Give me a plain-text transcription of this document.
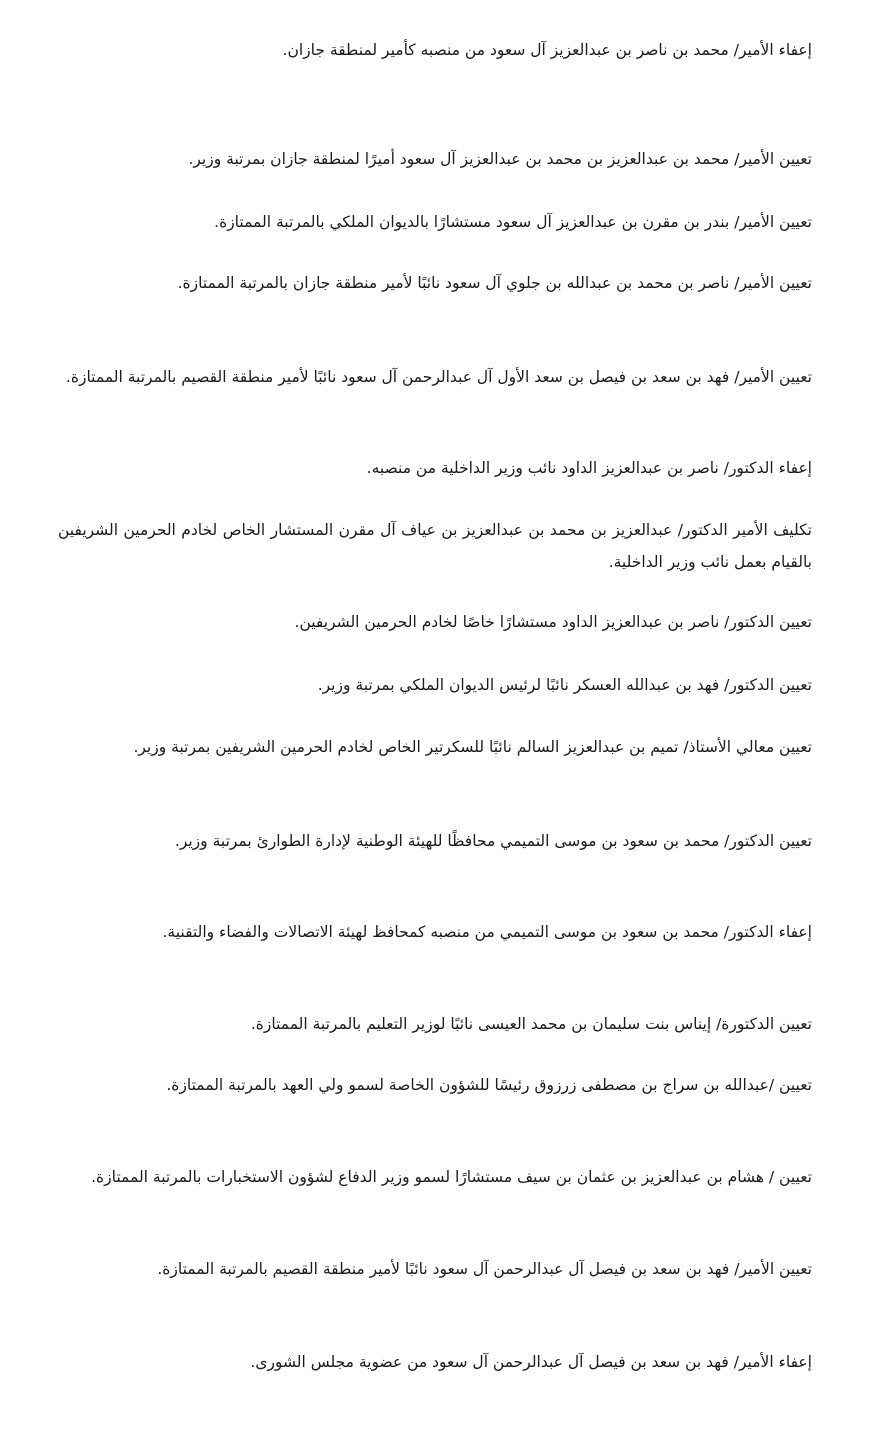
إعفاء الأمير/ محمد بن ناصر بن عبدالعزيز آل سعود من منصبه كأمير لمنطقة جازان.

تعيين الأمير/ محمد بن عبدالعزيز بن محمد بن عبدالعزيز آل سعود أميرًا لمنطقة جازان بمرتبة وزير.

تعيين الأمير/ بندر بن مقرن بن عبدالعزيز آل سعود مستشارًا بالديوان الملكي بالمرتبة الممتازة.

تعيين الأمير/ ناصر بن محمد بن عبدالله بن جلوي آل سعود نائبًا لأمير منطقة جازان بالمرتبة الممتازة.

تعيين الأمير/ فهد بن سعد بن فيصل بن سعد الأول آل عبدالرحمن آل سعود نائبًا لأمير منطقة القصيم بالمرتبة الممتازة.

إعفاء الدكتور/ ناصر بن عبدالعزيز الداود نائب وزير الداخلية من منصبه.

تكليف الأمير الدكتور/ عبدالعزيز بن محمد بن عبدالعزيز بن عياف آل مقرن المستشار الخاص لخادم الحرمين الشريفين بالقيام بعمل نائب وزير الداخلية.

تعيين الدكتور/ ناصر بن عبدالعزيز الداود مستشارًا خاصًا لخادم الحرمين الشريفين.

تعيين الدكتور/ فهد بن عبدالله العسكر نائبًا لرئيس الديوان الملكي بمرتبة وزير.

تعيين معالي الأستاذ/ تميم بن عبدالعزيز السالم نائبًا للسكرتير الخاص لخادم الحرمين الشريفين بمرتبة وزير.

تعيين الدكتور/ محمد بن سعود بن موسى التميمي محافظًا للهيئة الوطنية لإدارة الطوارئ بمرتبة وزير.

إعفاء الدكتور/ محمد بن سعود بن موسى التميمي من منصبه كمحافظ لهيئة الاتصالات والفضاء والتقنية.

تعيين الدكتورة/ إيناس بنت سليمان بن محمد العيسى نائبًا لوزير التعليم بالمرتبة الممتازة.

تعيين /عبدالله بن سراج بن مصطفى زرزوق رئيسًا للشؤون الخاصة لسمو ولي العهد بالمرتبة الممتازة.

تعيين / هشام بن عبدالعزيز بن عثمان بن سيف مستشارًا لسمو وزير الدفاع لشؤون الاستخبارات بالمرتبة الممتازة.

تعيين الأمير/ فهد بن سعد بن فيصل آل عبدالرحمن آل سعود نائبًا لأمير منطقة القصيم بالمرتبة الممتازة.

إعفاء الأمير/ فهد بن سعد بن فيصل آل عبدالرحمن آل سعود من عضوية مجلس الشورى.
